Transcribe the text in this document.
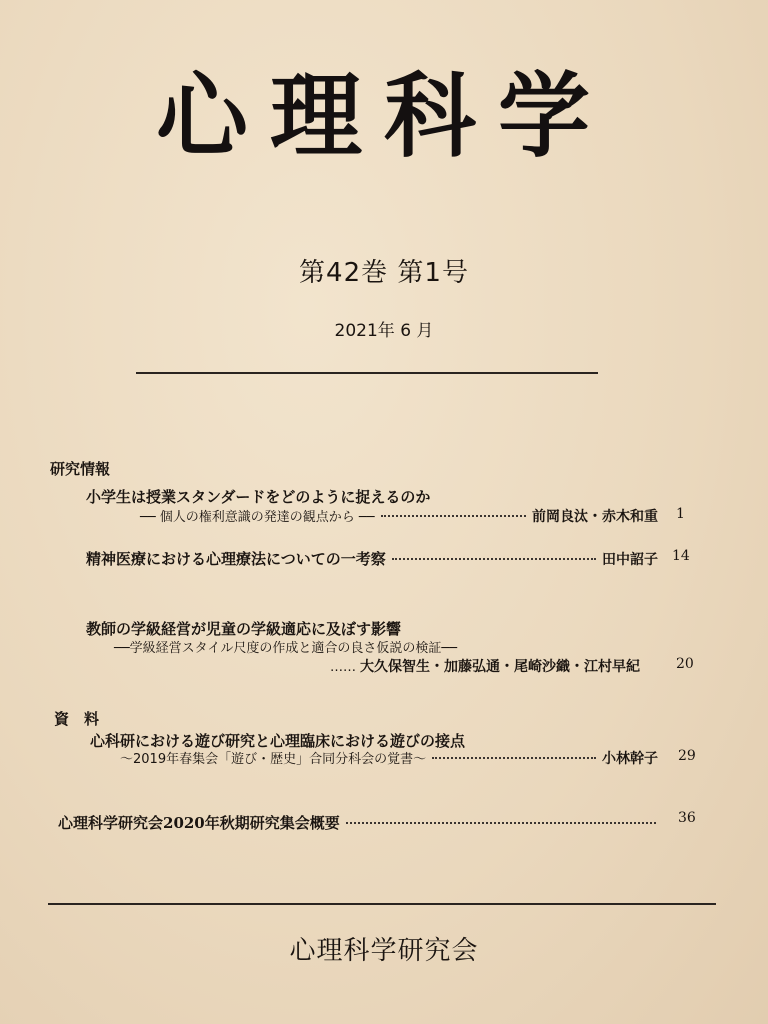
心理科学
第42巻 第1号
2021年 6 月
研究情報
小学生は授業スタンダードをどのように捉えるのか
── 個人の権利意識の発達の観点から ──	前岡良汰・赤木和重 1
精神医療における心理療法についての一考察	田中詔子 14
教師の学級経営が児童の学級適応に及ぼす影響
──学級経営スタイル尺度の作成と適合の良さ仮説の検証──
…… 大久保智生・加藤弘通・尾崎沙織・江村早紀	20
資　料
心科研における遊び研究と心理臨床における遊びの接点
～2019年春集会「遊び・歴史」合同分科会の覚書～	小林幹子 29
心理科学研究会2020年秋期研究集会概要	36
心理科学研究会
